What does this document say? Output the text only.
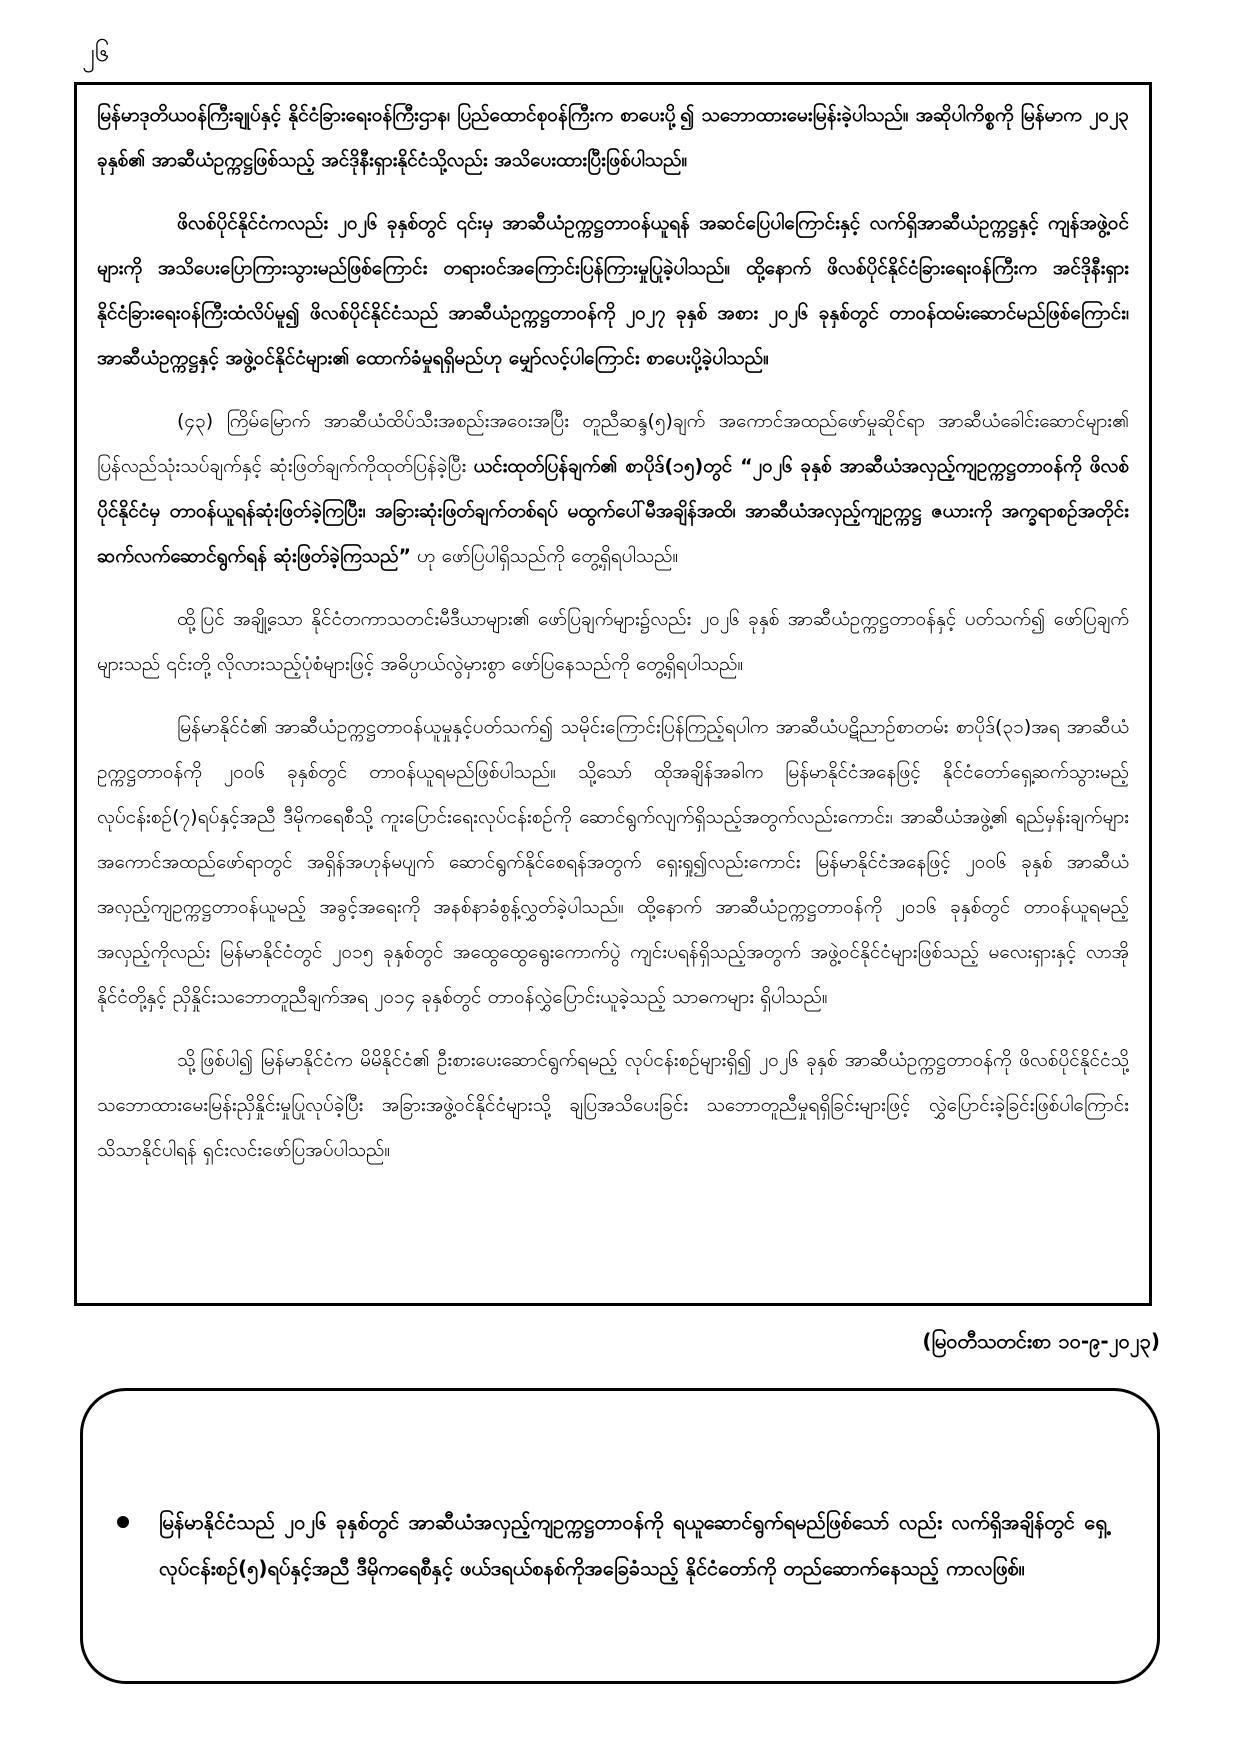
၂၆

မြန်မာဒုတိယဝန်ကြီးချုပ်နှင့် နိုင်ငံခြားရေးဝန်ကြီးဌာန၊ ပြည်ထောင်စုဝန်ကြီးက စာပေးပို့၍ သဘောထားမေးမြန်းခဲ့ပါသည်။ အဆိုပါကိစ္စကို မြန်မာက ၂၀၂၃ ခုနှစ်၏ အာဆီယံဥက္ကဋ္ဌဖြစ်သည့် အင်ဒိုနီးရှားနိုင်ငံသို့လည်း အသိပေးထားပြီးဖြစ်ပါသည်။

ဖိလစ်ပိုင်နိုင်ငံကလည်း ၂၀၂၆ ခုနှစ်တွင် ၎င်းမှ အာဆီယံဥက္ကဋ္ဌတာဝန်ယူရန် အဆင်ပြေပါကြောင်းနှင့် လက်ရှိအာဆီယံဥက္ကဋ္ဌနှင့် ကျန်အဖွဲ့ဝင်များကို အသိပေးပြောကြားသွားမည်ဖြစ်ကြောင်း တရားဝင်အကြောင်းပြန်ကြားမှုပြုခဲ့ပါသည်။ ထို့နောက် ဖိလစ်ပိုင်နိုင်ငံခြားရေးဝန်ကြီးက အင်ဒိုနီးရှားနိုင်ငံခြားရေးဝန်ကြီးထံလိပ်မူ၍ ဖိလစ်ပိုင်နိုင်ငံသည် အာဆီယံဥက္ကဋ္ဌတာဝန်ကို ၂၀၂၇ ခုနှစ် အစား ၂၀၂၆ ခုနှစ်တွင် တာဝန်ထမ်းဆောင်မည်ဖြစ်ကြောင်း၊ အာဆီယံဥက္ကဋ္ဌနှင့် အဖွဲ့ဝင်နိုင်ငံများ၏ ထောက်ခံမှုရရှိမည်ဟု မျှော်လင့်ပါကြောင်း စာပေးပို့ခဲ့ပါသည်။

(၄၃) ကြိမ်မြောက် အာဆီယံထိပ်သီးအစည်းအဝေးအပြီး တူညီဆန္ဒ(၅)ချက် အကောင်အထည်ဖော်မှုဆိုင်ရာ အာဆီယံခေါင်းဆောင်များ၏ ပြန်လည်သုံးသပ်ချက်နှင့် ဆုံးဖြတ်ချက်ကိုထုတ်ပြန်ခဲ့ပြီး ယင်းထုတ်ပြန်ချက်၏ စာပိုဒ်(၁၅)တွင် “၂၀၂၆ ခုနှစ် အာဆီယံအလှည့်ကျဥက္ကဋ္ဌတာဝန်ကို ဖိလစ်ပိုင်နိုင်ငံမှ တာဝန်ယူရန်ဆုံးဖြတ်ခဲ့ကြပြီး၊ အခြားဆုံးဖြတ်ချက်တစ်ရပ် မထွက်ပေါ်မီအချိန်အထိ၊ အာဆီယံအလှည့်ကျဥက္ကဋ္ဌ ဇယားကို အက္ခရာစဉ်အတိုင်း ဆက်လက်ဆောင်ရွက်ရန် ဆုံးဖြတ်ခဲ့ကြသည်” ဟု ဖော်ပြပါရှိသည်ကို တွေ့ရှိရပါသည်။

ထို့ပြင် အချို့သော နိုင်ငံတကာသတင်းမီဒီယာများ၏ ဖော်ပြချက်များ၌လည်း ၂၀၂၆ ခုနှစ် အာဆီယံဥက္ကဋ္ဌတာဝန်နှင့် ပတ်သက်၍ ဖော်ပြချက်များသည် ၎င်းတို့ လိုလားသည့်ပုံစံများဖြင့် အဓိပ္ပာယ်လွဲမှားစွာ ဖော်ပြနေသည်ကို တွေ့ရှိရပါသည်။

မြန်မာနိုင်ငံ၏ အာဆီယံဥက္ကဋ္ဌတာဝန်ယူမှုနှင့်ပတ်သက်၍ သမိုင်းကြောင်းပြန်ကြည့်ရပါက အာဆီယံပဋိညာဉ်စာတမ်း စာပိုဒ်(၃၁)အရ အာဆီယံဥက္ကဋ္ဌတာဝန်ကို ၂၀၀၆ ခုနှစ်တွင် တာဝန်ယူရမည်ဖြစ်ပါသည်။ သို့သော် ထိုအချိန်အခါက မြန်မာနိုင်ငံအနေဖြင့် နိုင်ငံတော်ရှေ့ဆက်သွားမည့်လုပ်ငန်းစဉ်(၇)ရပ်နှင့်အညီ ဒီမိုကရေစီသို့ ကူးပြောင်းရေးလုပ်ငန်းစဉ်ကို ဆောင်ရွက်လျက်ရှိသည့်အတွက်လည်းကောင်း၊ အာဆီယံအဖွဲ့၏ ရည်မှန်းချက်များအကောင်အထည်ဖော်ရာတွင် အရှိန်အဟုန်မပျက် ဆောင်ရွက်နိုင်စေရန်အတွက် ရှေးရှု၍လည်းကောင်း မြန်မာနိုင်ငံအနေဖြင့် ၂၀၀၆ ခုနှစ် အာဆီယံအလှည့်ကျဥက္ကဋ္ဌတာဝန်ယူမည့် အခွင့်အရေးကို အနစ်နာခံစွန့်လွှတ်ခဲ့ပါသည်။ ထို့နောက် အာဆီယံဥက္ကဋ္ဌတာဝန်ကို ၂၀၁၆ ခုနှစ်တွင် တာဝန်ယူရမည့် အလှည့်ကိုလည်း မြန်မာနိုင်ငံတွင် ၂၀၁၅ ခုနှစ်တွင် အထွေထွေရွေးကောက်ပွဲ ကျင်းပရန်ရှိသည့်အတွက် အဖွဲ့ဝင်နိုင်ငံများဖြစ်သည့် မလေးရှားနှင့် လာအိုနိုင်ငံတို့နှင့် ညှိနှိုင်းသဘောတူညီချက်အရ ၂၀၁၄ ခုနှစ်တွင် တာဝန်လွှဲပြောင်းယူခဲ့သည့် သာဓကများ ရှိပါသည်။

သို့ဖြစ်ပါ၍ မြန်မာနိုင်ငံက မိမိနိုင်ငံ၏ ဦးစားပေးဆောင်ရွက်ရမည့် လုပ်ငန်းစဉ်များရှိ၍ ၂၀၂၆ ခုနှစ် အာဆီယံဥက္ကဋ္ဌတာဝန်ကို ဖိလစ်ပိုင်နိုင်ငံသို့ သဘောထားမေးမြန်းညှိနှိုင်းမှုပြုလုပ်ခဲ့ပြီး အခြားအဖွဲ့ဝင်နိုင်ငံများသို့ ချပြအသိပေးခြင်း သဘောတူညီမှုရရှိခြင်းများဖြင့် လွှဲပြောင်းခဲ့ခြင်းဖြစ်ပါကြောင်း သိသာနိုင်ပါရန် ရှင်းလင်းဖော်ပြအပ်ပါသည်။

(မြဝတီသတင်းစာ ၁၀-၉-၂၀၂၃)
မြန်မာနိုင်ငံသည် ၂၀၂၆ ခုနှစ်တွင် အာဆီယံအလှည့်ကျဥက္ကဋ္ဌတာဝန်ကို ရယူဆောင်ရွက်ရမည်ဖြစ်သော် လည်း လက်ရှိအချိန်တွင် ရှေ့လုပ်ငန်းစဉ်(၅)ရပ်နှင့်အညီ ဒီမိုကရေစီနှင့် ဖယ်ဒရယ်စနစ်ကိုအခြေခံသည့် နိုင်ငံတော်ကို တည်ဆောက်နေသည့် ကာလဖြစ်။
